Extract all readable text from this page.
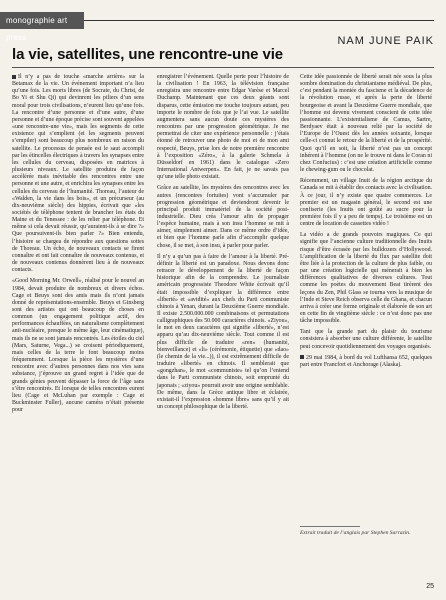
monographie art press	NAM JUNE PAIK
la vie, satellites, une rencontre-une vie

Il n’y a pas de touche «marche arrière» sur la Betamax de la vie. Un événement important n’a lieu qu’une fois. Les morts libres (de Socrate, du Christ, de Bo Yi et Shu Qi) qui devinrent les piliers d’un sens moral pour trois civilisations, n’eurent lieu qu’une fois. La rencontre d’une personne et d’une autre, d’une personne et d’une époque précise sont souvent appelées «une rencontre-une vie», mais les segments de cette existence qui s’emplient (et les segments peuvent s’empiler) sont beaucoup plus nombreux en raison du satellite. Le processus de pensée est le saut accompli par les étincelles électriques à travers les synapses entre les cellules du cerveau, disposées en matrices à plusieurs niveaux. Le satellite produira de façon accélérée mais inévitable des rencontres entre une personne et une autre, et enrichira les synapses entre les cellules du cerveau de l’humanité. Thoreau, l’auteur de «Walden, la vie dans les bois», et un précurseur (au dix-neuvième siècle) des hippies, écrivait que «les sociétés de téléphone tentent de brancher les états du Maine et du Tenessee : de les relier par téléphone. Et même si cela devait réussir, qu’auraient-ils à se dire ?» Que poursuivent-ils bien parler ?» Bien entendu, l’histoire se chargea de répondre aux questions sottes de Thoreau. Un écho, de nouveaux contacts se firent connaître et ont fait connaître de nouveaux contenus, et de nouveaux contenus donnèrent lieu à de nouveaux contacts.

«Good Morning Mr. Orwell», réalisé pour le nouvel an 1984, devait produire de nombreux et divers échos. Cage et Beuys sont des amis mais ils n’ont jamais donné de représentations-ensemble. Beuys et Ginsberg sont des artistes qui ont beaucoup de choses en commun (un engagement politique actif, des performances échauffées, un naturalisme complètement anti-nucléaire, presque le même âge, leur cinématique), mais ils ne se sont jamais rencontrés. Les étoiles du ciel (Mars, Saturne, Vega...) se croisent périodiquement, mais celles de la terre le font beaucoup moins fréquemment. Lorsque la pièce les mystères d’une rencontre avec d’autres personnes dans nos vies sans substance, j’éprouve un grand regret à l’idée que de grands génies peuvent dépasser la force de l’âge sans s’être rencontrés. Et lorsque de telles rencontres eurent lieu (Cage et McLuhan par exemple : Cage et Buckminster Fuller), aucune caméra n’était présente pour

enregistrer l’événement. Quelle perte pour l’histoire de la civilisation ! En 1963, la télévision française enregistra une rencontre entre Edgar Varèse et Marcel Duchamp. Maintenant que ces deux géants sont disparus, cette émission me touche toujours autant, peu importe le nombre de fois que je l’ai vue. Le satellite augmentera sans aucun doute ces mystères des rencontres par une progression géométrique. Je me permettrai de citer une expérience personnelle : j’étais étonné de retrouver une photo de moi et de mon ami respecté, Beuys, prise lors de notre première rencontre à l’exposition «Zéro», à la galerie Schmela à Düsseldorf en 1961) dans le catalogue «Zero International Antwerpen». En fait, je ne savais pas qu’une telle photo existait.

Grâce au satellite, les mystères des rencontres avec les autres (rencontres fortuites) vont s’accumuler par progression géométrique et deviendront devenir le principal produit immatériel de la société post-industrielle. Dieu créa l’amour afin de propager l’espèce humaine, mais à son insu l’homme se mit à aimer, simplement aimer. Dans ce même ordre d’idée, et bien que l’homme parle afin d’accomplir quelque chose, il se met, à son insu, à parler pour parler.

Il n’y a qu’un pas à faire de l’amour à la liberté. Pré-définir la liberté est un paradoxe. Nous devons donc retracer le développement de la liberté de façon historique afin de la comprendre. Le journaliste américain progressiste Theodore White écrivait qu’il était impossible d’expliquer la différence entre «liberté» et «avidité» aux chefs du Parti communiste chinois à Yenan, durant la Deuxième Guerre mondiale. Il existe 2.500.000.000 combinaisons et permutations calligraphiques des 50.000 caractères chinois. «Ziyou», le mot en deux caractères qui signifie «liberté», n’est apparu qu’au dix-neuvième siècle. Tout comme il est plus difficile de traduire «ren» (humanité, bienveillance) et «li» (cérémonie, étiquette) que «dao» (le chemin de la vie...)), il est extrêmement difficile de traduire «liberté» en chinois. Il semblerait que «gongzhan», le mot «communiste» tel qu’on l’entend dans le Parti communiste chinois, soit emprunté du japonais ; «ziyou» pourrait avoir une origine semblable. De même, dans la Grèce antique libre et éclairée, existait-il l’expression «homme libre» sans qu’il y ait un concept philosophique de la liberté.

Cette idée passionnée de liberté serait née sous la plus sombre domination du christianisme médiéval. De plus, c’est pendant la montée du fascisme et la décadence de la révolution russe, et après la perte de liberté bourgeoise et avant la Deuxième Guerre mondiale, que l’homme est devenu vivement conscient de cette idée passionnante. L’existentialisme de Camus, Sartre, Berdyaev était à nouveau relié par la société de l’Europe de l’Ouest dès les années soixante, lorsque celle-ci connut le retour de la liberté et de la prospérité. Quoi qu’il en soit, la liberté n’est pas un concept inhérent à l’homme (on ne le trouve ni dans le Coran ni chez Confucius) : c’est une création artificielle comme le chewing-gum ou le chocolat.

Récemment, un village Inuit de la région arctique du Canada se mit à établir des contacts avec la civilisation. À ce jour, il n’y existe que quatre commerces. Le premier est un magasin général, le second est une confiserie (les Inuits ont goûté au sucre pour la première fois il y a peu de temps). Le troisième est un centre de location de cassettes vidéo !

La vidéo a de grands pouvoirs magiques. Ce qui signifie que l’ancienne culture traditionnelle des Inuits risque d’être écrasée par les bulldozers d’Hollywood. L’amplification de la liberté du flux par satellite doit être liée à la protection de la culture de plus faible, ou par une création logicielle qui ménerait à bien les différences qualitatives de diverses cultures. Tout comme les poètes du mouvement Beat tirèrent des leçons du Zen, Phil Glass se tourna vers la musique de l’Inde et Steve Reich observa celle du Ghana, et chacun arriva à créer une forme originale et élaborée de son art en cette fin de vingtième siècle : ce n’est donc pas une tâche impossible.

Tant que la grande part du plaisir du tourisme consistera à absorber une culture différente, le satellite peut concevoir quotidiennement des voyages organisés.

29 mai 1984, à bord du vol Lufthansa 652, quelques part entre Francfort et Anchorage (Alaska).

Extrait traduit de l’anglais par Stephen Sarrazin.
25
